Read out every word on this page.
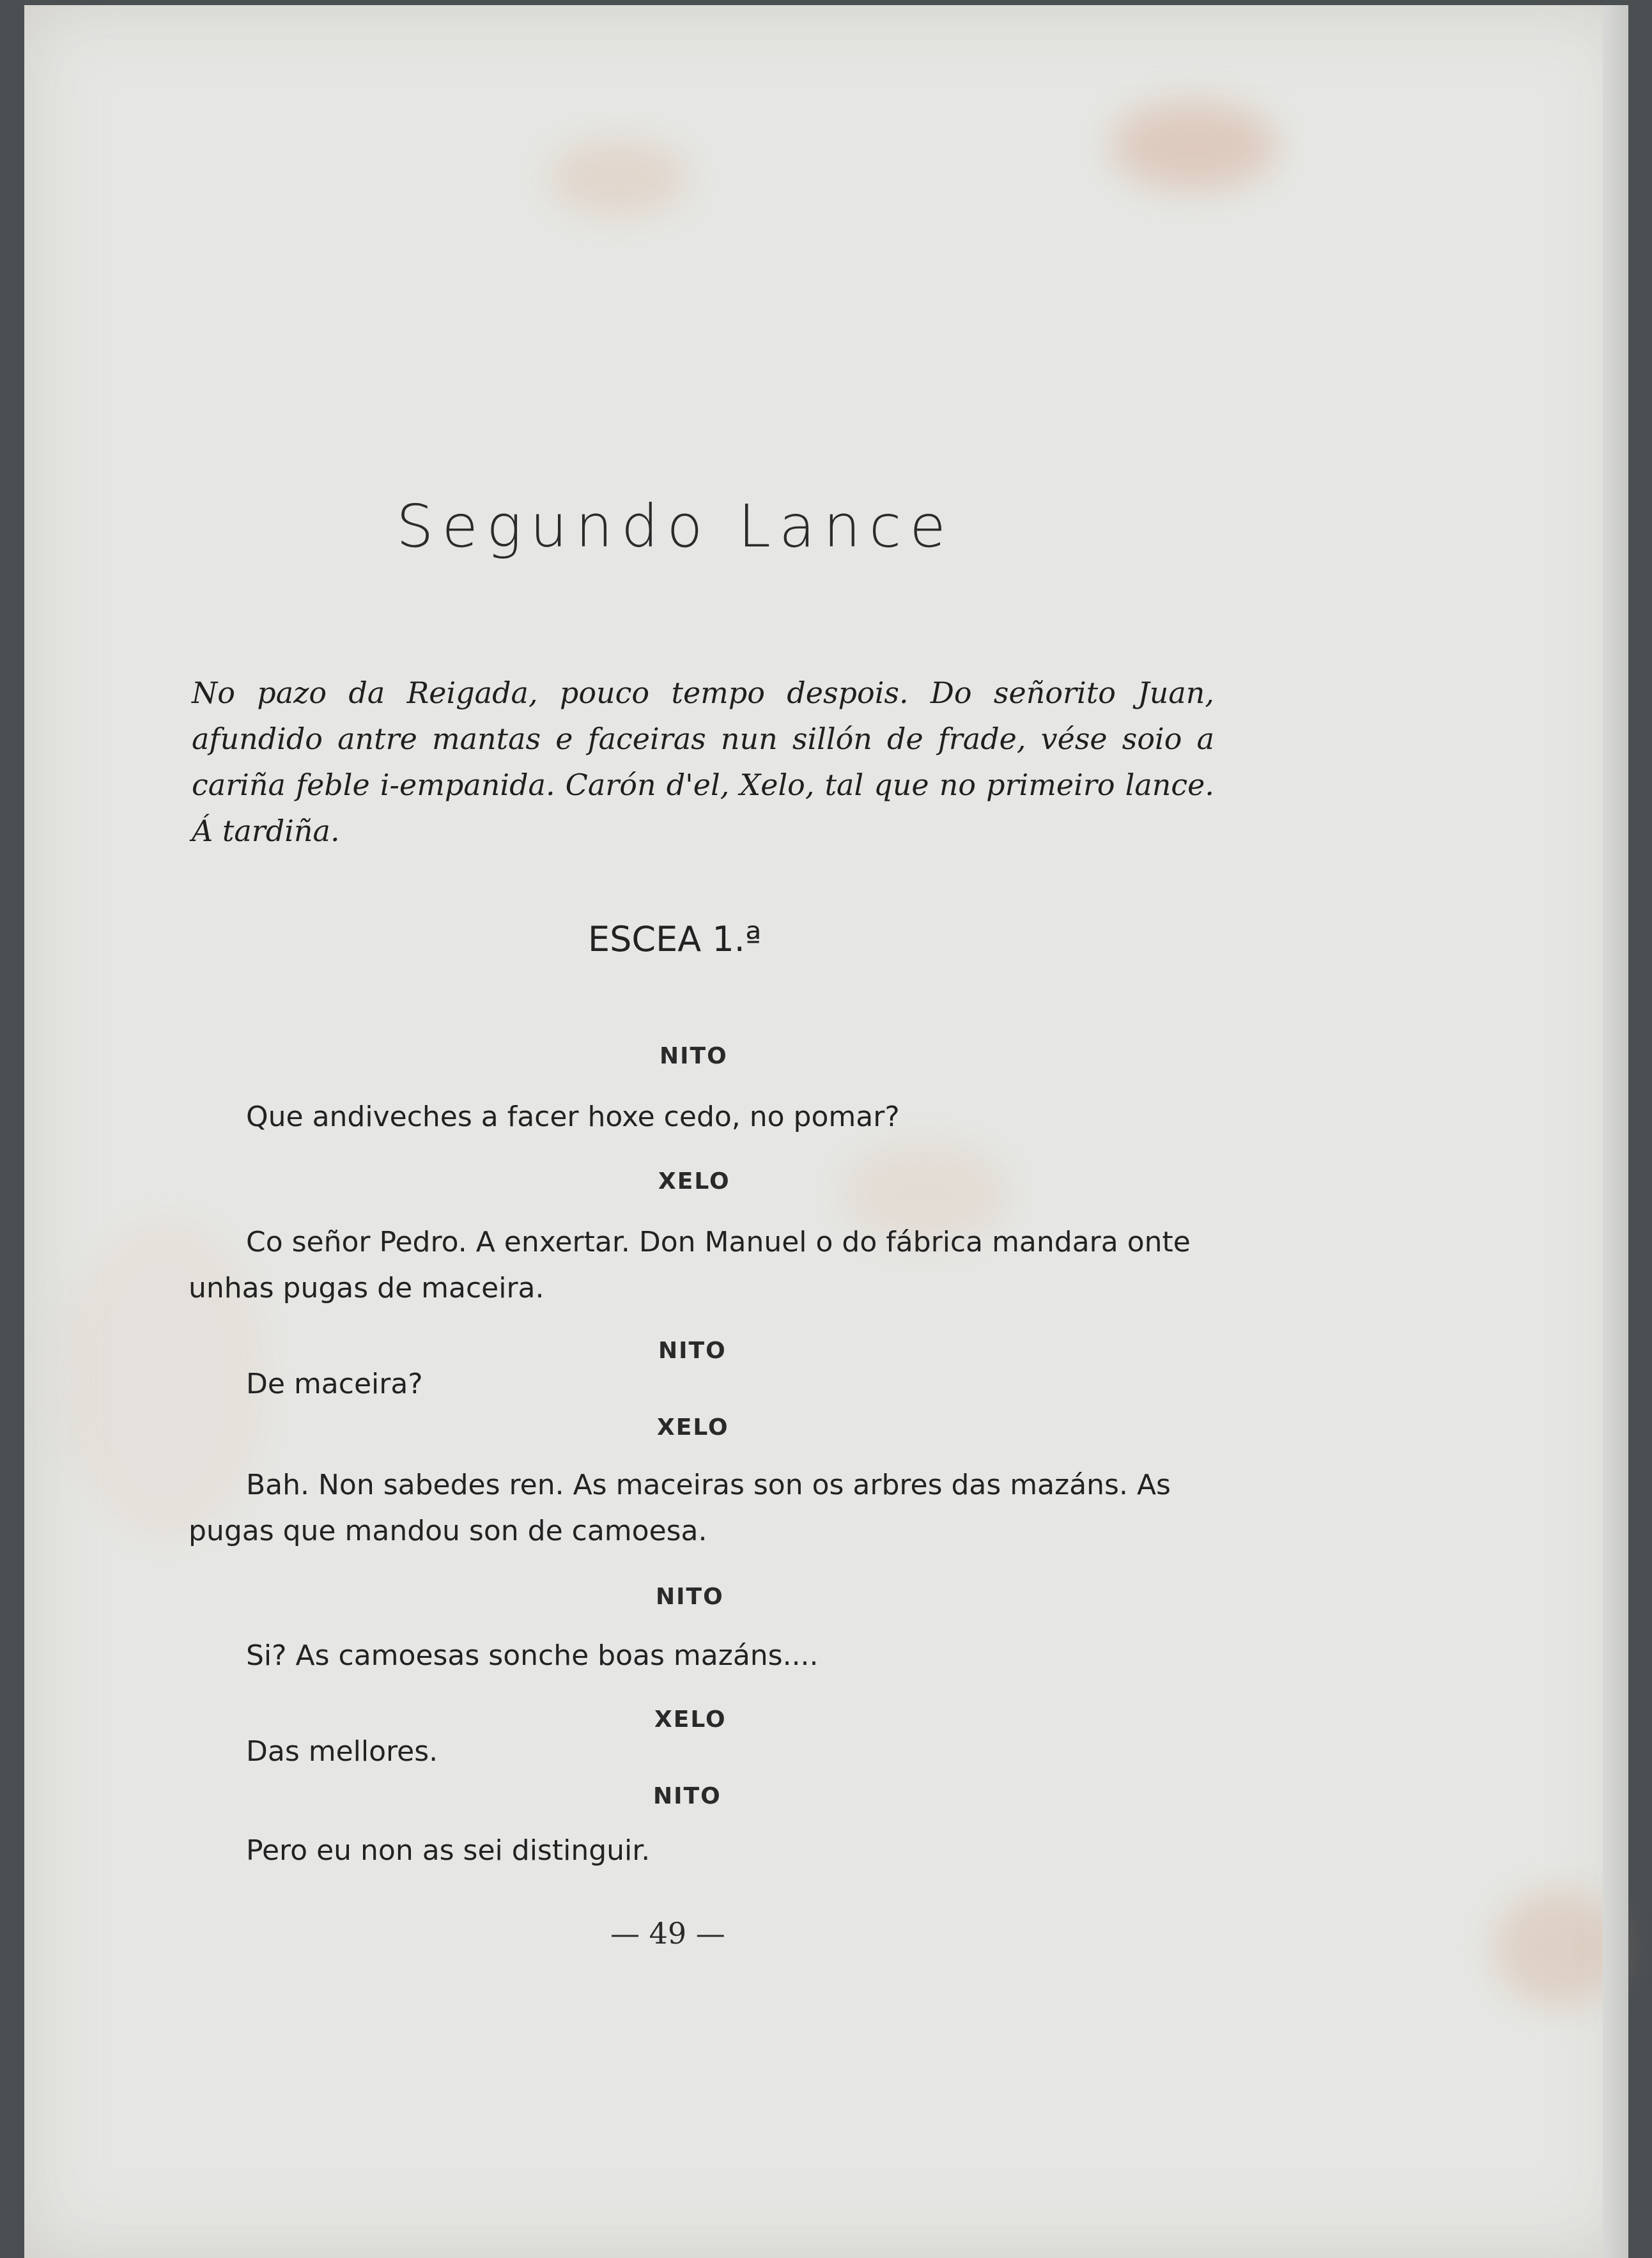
Segundo Lance

No pazo da Reigada, pouco tempo despois. Do señorito Juan, afundido antre mantas e faceiras nun sillón de frade, vése soio a cariña feble i-empanida. Carón d'el, Xelo, tal que no primeiro lance. Á tardiña.

ESCEA 1.ª
NITO

Que andiveches a facer hoxe cedo, no pomar?

XELO

Co señor Pedro. A enxertar. Don Manuel o do fábrica mandara onte unhas pugas de maceira.

NITO

De maceira?

XELO

Bah. Non sabedes ren. As maceiras son os arbres das mazáns. As pugas que mandou son de camoesa.

NITO

Si? As camoesas sonche boas mazáns....

XELO

Das mellores.

NITO

Pero eu non as sei distinguir.

— 49 —
